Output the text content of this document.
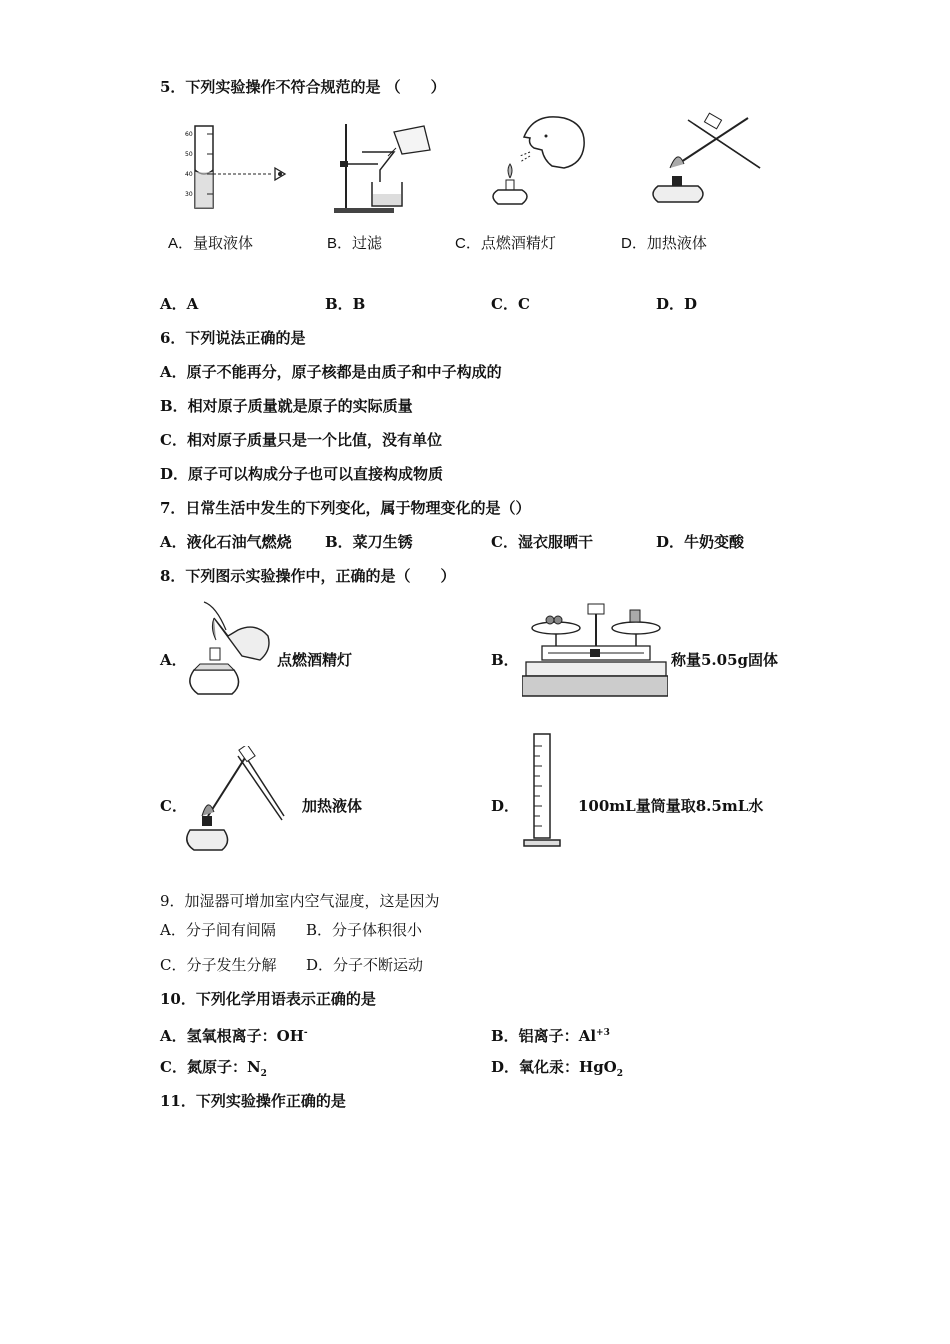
5．下列实验操作不符合规范的是 （　　）
60
50
40
30
A．量取液体	B．过滤	C．点燃酒精灯	D．加热液体
A．A	B．B	C．C	D．D
6．下列说法正确的是
A．原子不能再分，原子核都是由质子和中子构成的
B．相对原子质量就是原子的实际质量
C．相对原子质量只是一个比值，没有单位
D．原子可以构成分子也可以直接构成物质
7．日常生活中发生的下列变化，属于物理变化的是（）
A．液化石油气燃烧 B．菜刀生锈	C．湿衣服晒干	D．牛奶变酸
8．下列图示实验操作中，正确的是（　　）
A．	点燃酒精灯	B．	称量5.05g固体
C．	加热液体	D．	100mL量筒量取8.5mL水
9．加湿器可增加室内空气湿度，这是因为
A．分子间有间隔 B．分子体积很小
C．分子发生分解 D．分子不断运动
10．下列化学用语表示正确的是
A．氢氧根离子：OH-	B．铝离子：$Al^{+3}$
C．氮原子：$N_2$	D．氧化汞：HgO$_2$
11．下列实验操作正确的是
